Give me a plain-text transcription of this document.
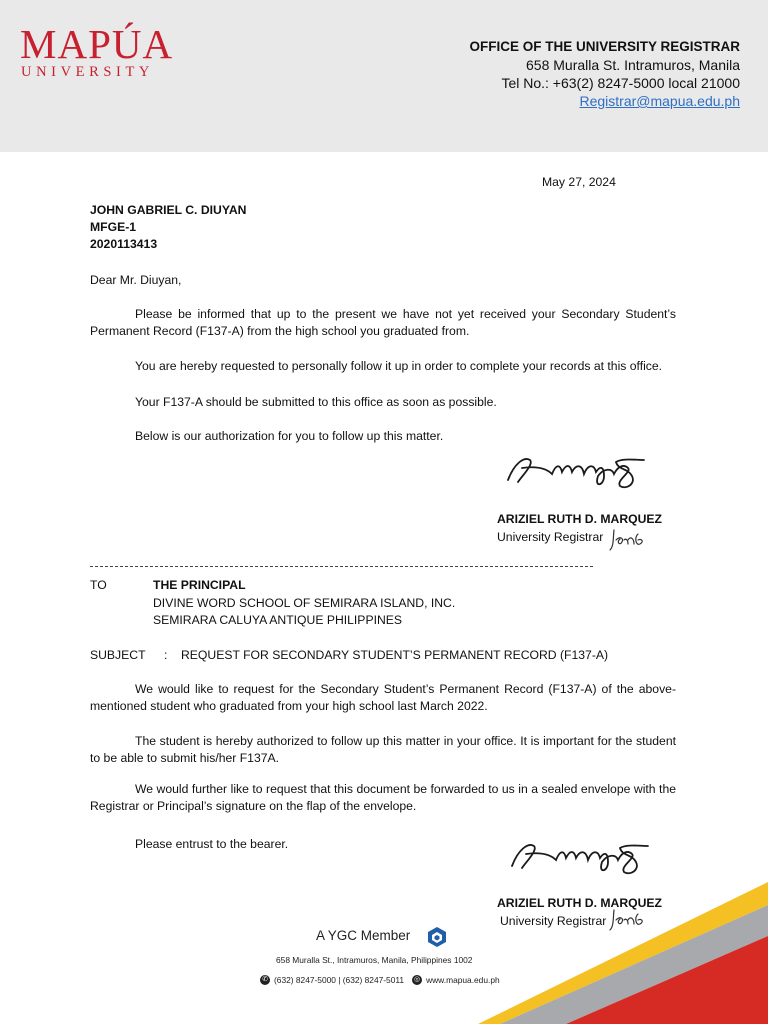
MAPÚA
UNIVERSITY
OFFICE OF THE UNIVERSITY REGISTRAR
658 Muralla St. Intramuros, Manila
Tel No.: +63(2) 8247-5000 local 21000
Registrar@mapua.edu.ph
May 27, 2024
JOHN GABRIEL C. DIUYAN
MFGE-1
2020113413
Dear Mr. Diuyan,
Please be informed that up to the present we have not yet received your Secondary Student’s Permanent Record (F137-A) from the high school you graduated from.
You are hereby requested to personally follow it up in order to complete your records at this office.
Your F137-A should be submitted to this office as soon as possible.
Below is our authorization for you to follow up this matter.
ARIZIEL RUTH D. MARQUEZ
University Registrar
TO	THE PRINCIPAL
DIVINE WORD SCHOOL OF SEMIRARA ISLAND, INC.
SEMIRARA CALUYA ANTIQUE PHILIPPINES
SUBJECT : REQUEST FOR SECONDARY STUDENT’S PERMANENT RECORD (F137-A)
We would like to request for the Secondary Student’s Permanent Record (F137-A) of the above-mentioned student who graduated from your high school last March 2022.
The student is hereby authorized to follow up this matter in your office. It is important for the student to be able to submit his/her F137A.
We would further like to request that this document be forwarded to us in a sealed envelope with the Registrar or Principal’s signature on the flap of the envelope.
Please entrust to the bearer.
ARIZIEL RUTH D. MARQUEZ
University Registrar
A YGC Member
658 Muralla St., Intramuros, Manila, Philippines 1002
✆ (632) 8247-5000 | (632) 8247-5011 ◎ www.mapua.edu.ph
